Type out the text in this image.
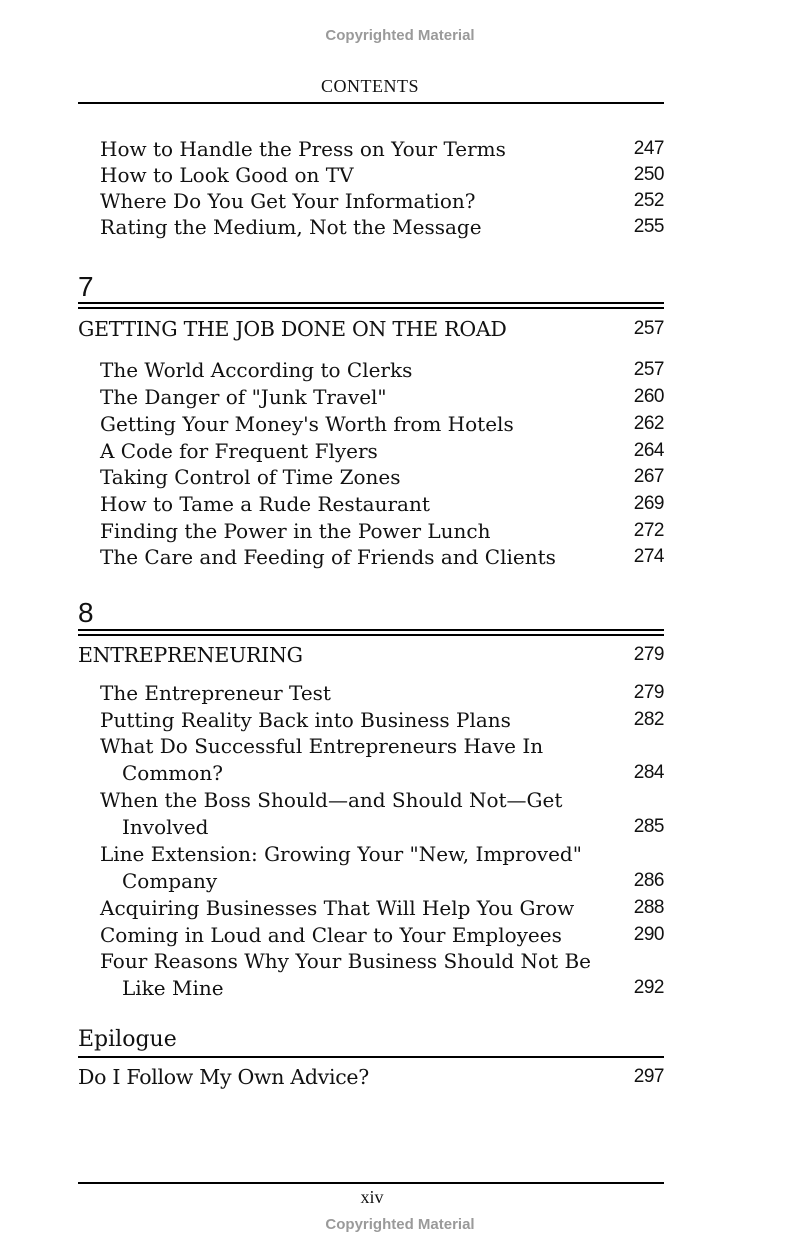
Copyrighted Material
CONTENTS
How to Handle the Press on Your Terms	247
How to Look Good on TV	250
Where Do You Get Your Information?	252
Rating the Medium, Not the Message	255
7
GETTING THE JOB DONE ON THE ROAD	257
The World According to Clerks	257
The Danger of "Junk Travel"	260
Getting Your Money's Worth from Hotels	262
A Code for Frequent Flyers	264
Taking Control of Time Zones	267
How to Tame a Rude Restaurant	269
Finding the Power in the Power Lunch	272
The Care and Feeding of Friends and Clients	274
8
ENTREPRENEURING	279
The Entrepreneur Test	279
Putting Reality Back into Business Plans	282
What Do Successful Entrepreneurs Have In
Common?	284
When the Boss Should—and Should Not—Get
Involved	285
Line Extension: Growing Your "New, Improved"
Company	286
Acquiring Businesses That Will Help You Grow	288
Coming in Loud and Clear to Your Employees	290
Four Reasons Why Your Business Should Not Be
Like Mine	292
Epilogue
Do I Follow My Own Advice?	297
xiv
Copyrighted Material
